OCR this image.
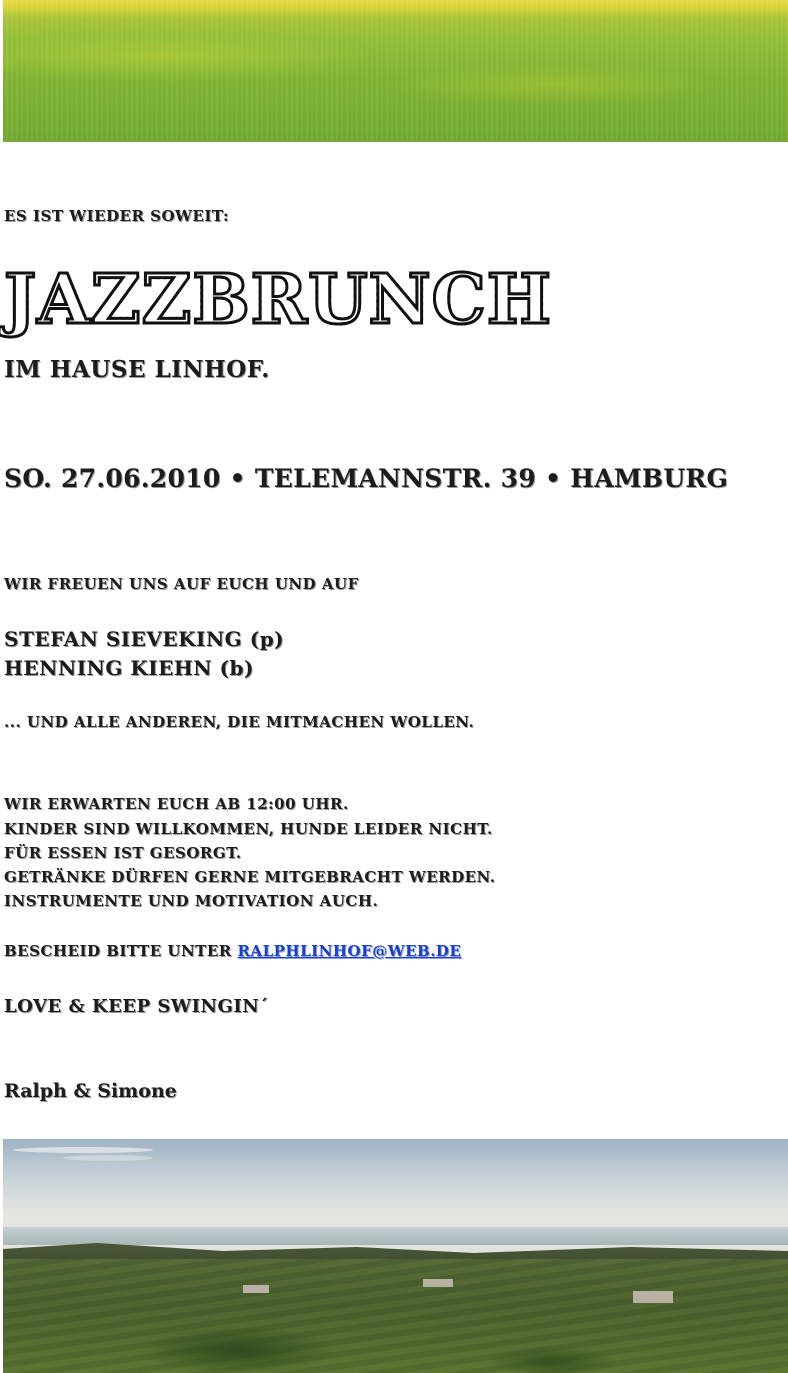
ES IST WIEDER SOWEIT:
JAZZBRUNCH
IM HAUSE LINHOF.
SO. 27.06.2010 • TELEMANNSTR. 39 • HAMBURG
WIR FREUEN UNS AUF EUCH UND AUF
STEFAN SIEVEKING (p)
HENNING KIEHN (b)
... UND ALLE ANDEREN, DIE MITMACHEN WOLLEN.
WIR ERWARTEN EUCH AB 12:00 UHR.
KINDER SIND WILLKOMMEN, HUNDE LEIDER NICHT.
FÜR ESSEN IST GESORGT.
GETRÄNKE DÜRFEN GERNE MITGEBRACHT WERDEN.
INSTRUMENTE UND MOTIVATION AUCH.
BESCHEID BITTE UNTER RALPHLINHOF@WEB.DE
LOVE & KEEP SWINGIN´
Ralph & Simone
